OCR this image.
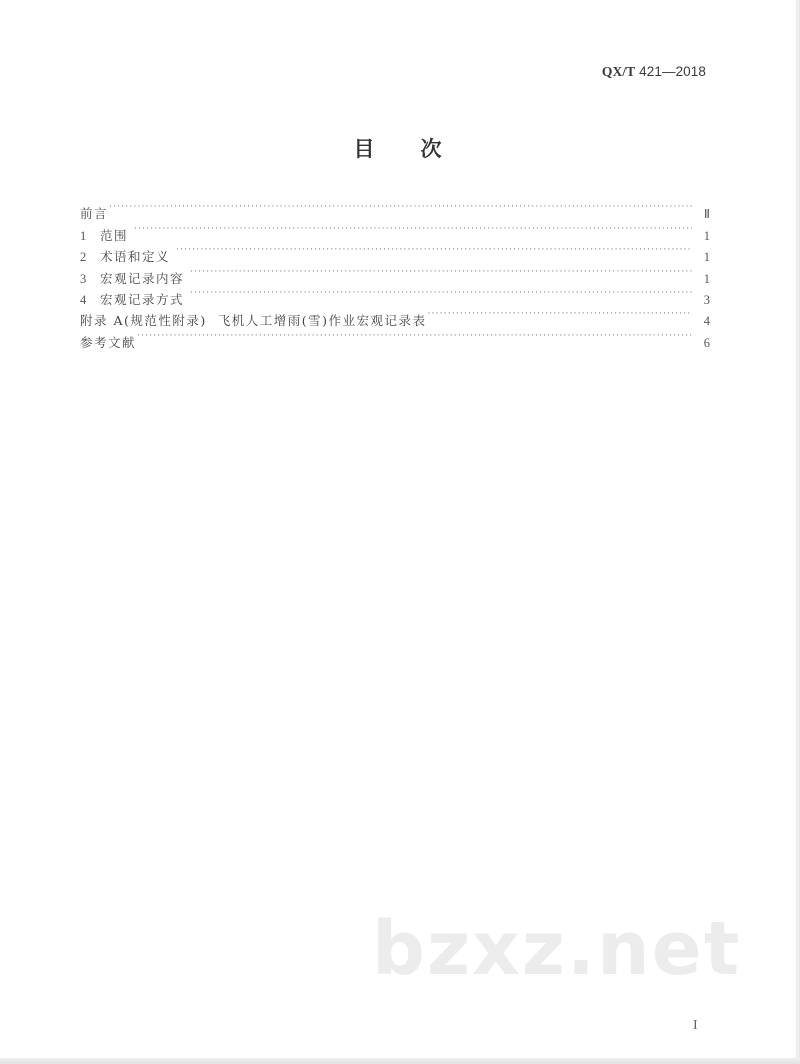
QX/T 421—2018
目 次
前言 ·····	Ⅱ
1	范围 ·····	1
2	术语和定义 ·····	1
3	宏观记录内容 ·····	1
4	宏观记录方式 ·····	3
附录 A(规范性附录)  飞机人工增雨(雪)作业宏观记录表 ·····	4
参考文献 ·····	6
bzxz.net
I
